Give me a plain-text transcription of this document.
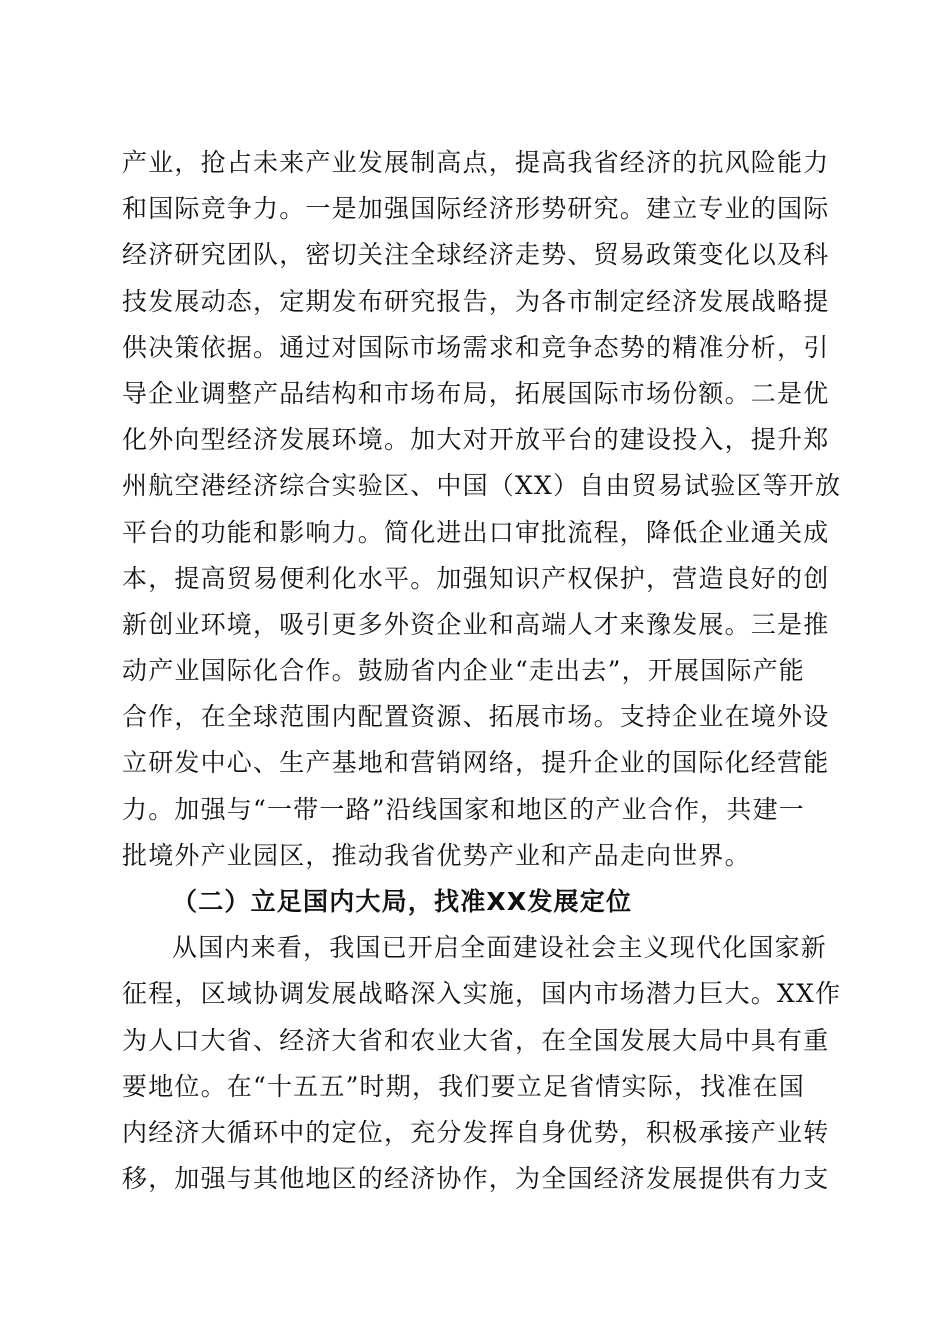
产业，抢占未来产业发展制高点，提高我省经济的抗风险能力
和国际竞争力。一是加强国际经济形势研究。建立专业的国际
经济研究团队，密切关注全球经济走势、贸易政策变化以及科
技发展动态，定期发布研究报告，为各市制定经济发展战略提
供决策依据。通过对国际市场需求和竞争态势的精准分析，引
导企业调整产品结构和市场布局，拓展国际市场份额。二是优
化外向型经济发展环境。加大对开放平台的建设投入，提升郑
州航空港经济综合实验区、中国（XX）自由贸易试验区等开放
平台的功能和影响力。简化进出口审批流程，降低企业通关成
本，提高贸易便利化水平。加强知识产权保护，营造良好的创
新创业环境，吸引更多外资企业和高端人才来豫发展。三是推
动产业国际化合作。鼓励省内企业“走出去”，开展国际产能
合作，在全球范围内配置资源、拓展市场。支持企业在境外设
立研发中心、生产基地和营销网络，提升企业的国际化经营能
力。加强与“一带一路”沿线国家和地区的产业合作，共建一
批境外产业园区，推动我省优势产业和产品走向世界。
（二）立足国内大局，找准XX发展定位
从国内来看，我国已开启全面建设社会主义现代化国家新
征程，区域协调发展战略深入实施，国内市场潜力巨大。XX作
为人口大省、经济大省和农业大省，在全国发展大局中具有重
要地位。在“十五五”时期，我们要立足省情实际，找准在国
内经济大循环中的定位，充分发挥自身优势，积极承接产业转
移，加强与其他地区的经济协作，为全国经济发展提供有力支
